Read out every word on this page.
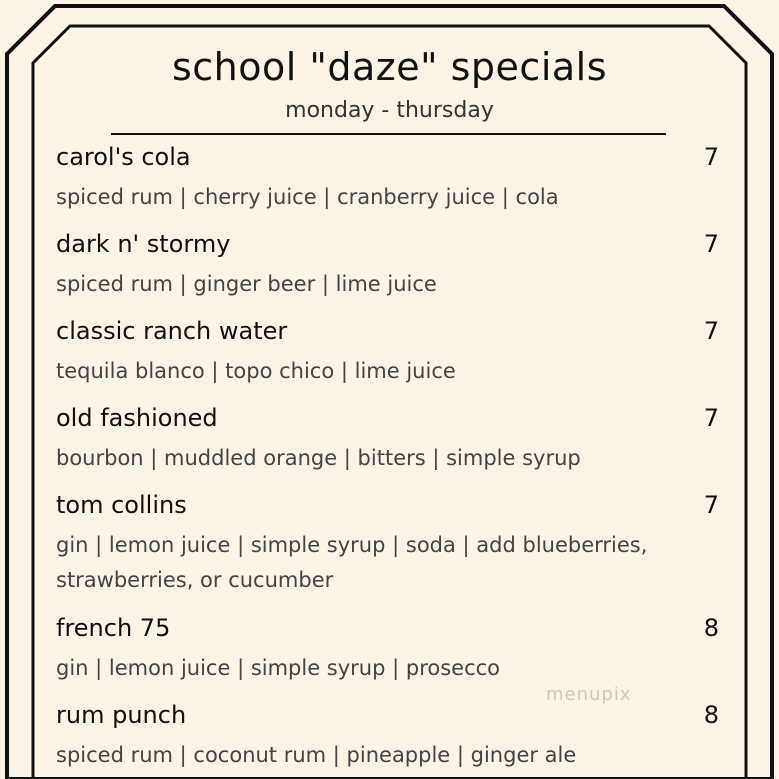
school "daze" specials
monday - thursday
carol's cola	7
spiced rum | cherry juice | cranberry juice | cola
dark n' stormy	7
spiced rum | ginger beer | lime juice
classic ranch water	7
tequila blanco | topo chico | lime juice
old fashioned	7
bourbon | muddled orange | bitters | simple syrup
tom collins	7
gin | lemon juice | simple syrup | soda | add blueberries, strawberries, or cucumber
french 75	8
gin | lemon juice | simple syrup | prosecco
menupix
rum punch	8
spiced rum | coconut rum | pineapple | ginger ale
